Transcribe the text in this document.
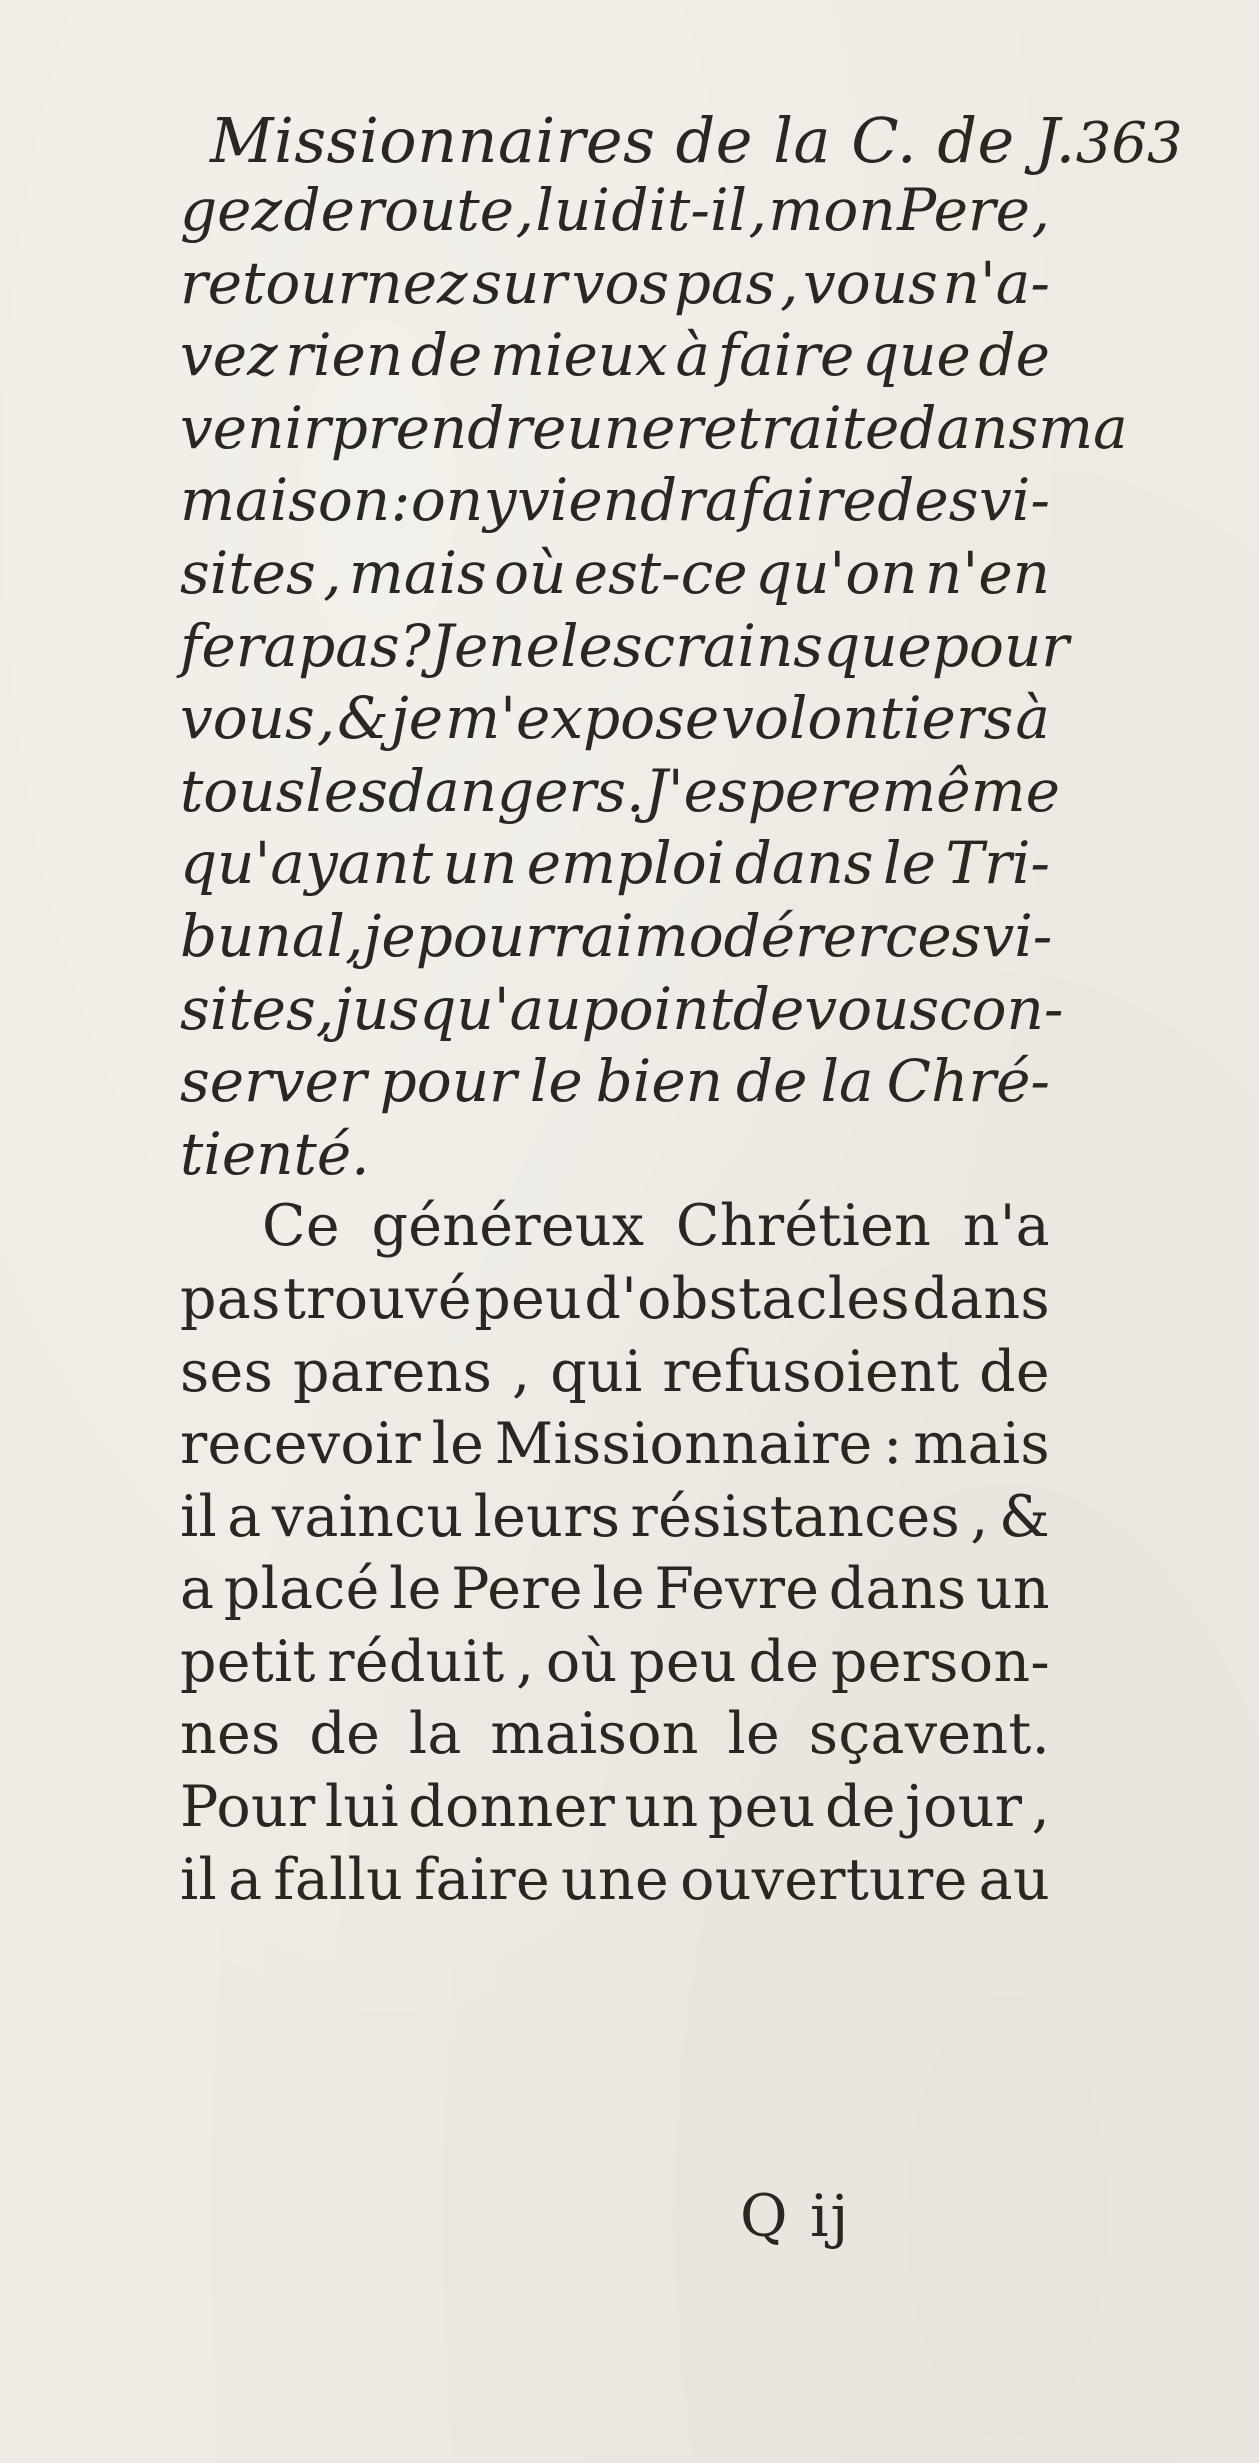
Missionnaires de la C. de J. 363
gez de route , lui dit-il , mon Pere ,
retournez sur vos pas , vous n'a-
vez rien de mieux à faire que de
venir prendre une retraite dans ma
maison : on y viendra faire des vi-
sites , mais où est-ce qu'on n'en
fera pas ? Je ne les crains que pour
vous , & je m'expose volontiers à
tous les dangers. J'espere même
qu'ayant un emploi dans le Tri-
bunal , je pourrai modérer ces vi-
sites , jusqu'au point de vous con-
server pour le bien de la Chré-
tienté.
Ce généreux Chrétien n'a
pas trouvé peu d'obstacles dans
ses parens , qui refusoient de
recevoir le Missionnaire : mais
il a vaincu leurs résistances , &
a placé le Pere le Fevre dans un
petit réduit , où peu de person-
nes de la maison le sçavent.
Pour lui donner un peu de jour ,
il a fallu faire une ouverture au
Q ij
